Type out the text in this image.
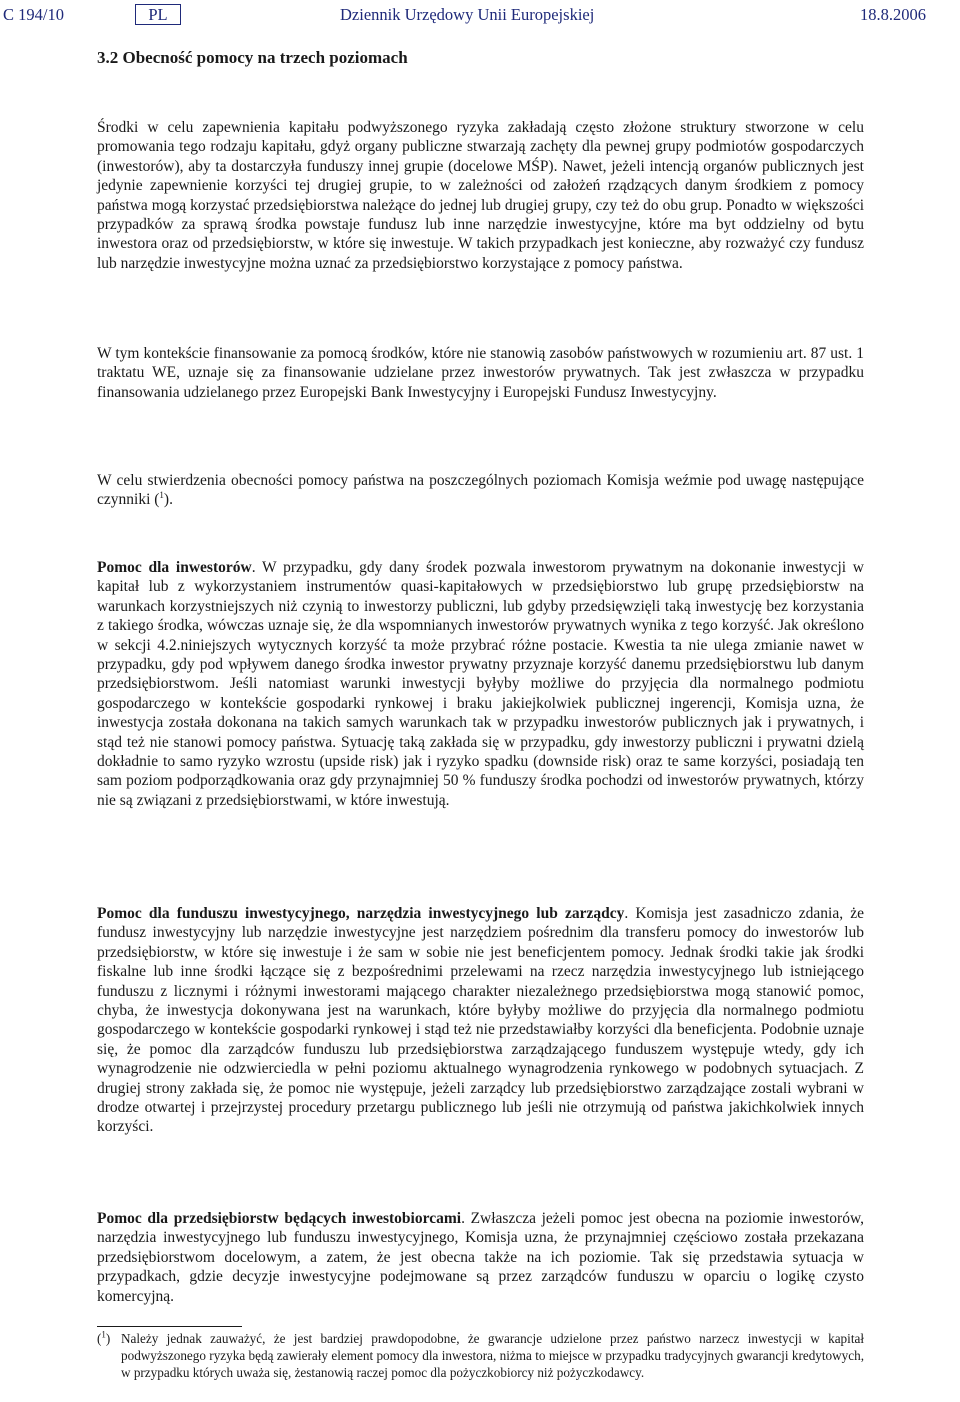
C 194/10	PL	Dziennik Urzędowy Unii Europejskiej	18.8.2006
3.2 Obecność pomocy na trzech poziomach

Środki w celu zapewnienia kapitału podwyższonego ryzyka zakładają często złożone struktury stworzone w celu promowania tego rodzaju kapitału, gdyż organy publiczne stwarzają zachęty dla pewnej grupy podmiotów gospodarczych (inwestorów), aby ta dostarczyła funduszy innej grupie (docelowe MŚP). Nawet, jeżeli intencją organów publicznych jest jedynie zapewnienie korzyści tej drugiej grupie, to w zależności od założeń rządzących danym środkiem z pomocy państwa mogą korzystać przedsiębiorstwa należące do jednej lub drugiej grupy, czy też do obu grup. Ponadto w większości przypadków za sprawą środka powstaje fundusz lub inne narzędzie inwestycyjne, które ma byt oddzielny od bytu inwestora oraz od przedsiębiorstw, w które się inwestuje. W takich przypadkach jest konieczne, aby rozważyć czy fundusz lub narzędzie inwestycyjne można uznać za przedsiębiorstwo korzystające z pomocy państwa.

W tym kontekście finansowanie za pomocą środków, które nie stanowią zasobów państwowych w rozumieniu art. 87 ust. 1 traktatu WE, uznaje się za finansowanie udzielane przez inwestorów prywatnych. Tak jest zwłaszcza w przypadku finansowania udzielanego przez Europejski Bank Inwestycyjny i Europejski Fundusz Inwestycyjny.

W celu stwierdzenia obecności pomocy państwa na poszczególnych poziomach Komisja weźmie pod uwagę następujące czynniki ($^1$).

Pomoc dla inwestorów. W przypadku, gdy dany środek pozwala inwestorom prywatnym na dokonanie inwestycji w kapitał lub z wykorzystaniem instrumentów quasi-kapitałowych w przedsiębiorstwo lub grupę przedsiębiorstw na warunkach korzystniejszych niż czynią to inwestorzy publiczni, lub gdyby przedsięwzięli taką inwestycję bez korzystania z takiego środka, wówczas uznaje się, że dla wspomnianych inwestorów prywatnych wynika z tego korzyść. Jak określono w sekcji 4.2.niniejszych wytycznych korzyść ta może przybrać różne postacie. Kwestia ta nie ulega zmianie nawet w przypadku, gdy pod wpływem danego środka inwestor prywatny przyznaje korzyść danemu przedsiębiorstwu lub danym przedsiębiorstwom. Jeśli natomiast warunki inwestycji byłyby możliwe do przyjęcia dla normalnego podmiotu gospodarczego w kontekście gospodarki rynkowej i braku jakiejkolwiek publicznej ingerencji, Komisja uzna, że inwestycja została dokonana na takich samych warunkach tak w przypadku inwestorów publicznych jak i prywatnych, i stąd też nie stanowi pomocy państwa. Sytuację taką zakłada się w przypadku, gdy inwestorzy publiczni i prywatni dzielą dokładnie to samo ryzyko wzrostu (upside risk) jak i ryzyko spadku (downside risk) oraz te same korzyści, posiadają ten sam poziom podporządkowania oraz gdy przynajmniej 50 % funduszy środka pochodzi od inwestorów prywatnych, którzy nie są związani z przedsiębiorstwami, w które inwestują.

Pomoc dla funduszu inwestycyjnego, narzędzia inwestycyjnego lub zarządcy. Komisja jest zasadniczo zdania, że fundusz inwestycyjny lub narzędzie inwestycyjne jest narzędziem pośrednim dla transferu pomocy do inwestorów lub przedsiębiorstw, w które się inwestuje i że sam w sobie nie jest beneficjentem pomocy. Jednak środki takie jak środki fiskalne lub inne środki łączące się z bezpośrednimi przelewami na rzecz narzędzia inwestycyjnego lub istniejącego funduszu z licznymi i różnymi inwestorami mającego charakter niezależnego przedsiębiorstwa mogą stanowić pomoc, chyba, że inwestycja dokonywana jest na warunkach, które byłyby możliwe do przyjęcia dla normalnego podmiotu gospodarczego w kontekście gospodarki rynkowej i stąd też nie przedstawiałby korzyści dla beneficjenta. Podobnie uznaje się, że pomoc dla zarządców funduszu lub przedsiębiorstwa zarządzającego funduszem występuje wtedy, gdy ich wynagrodzenie nie odzwierciedla w pełni poziomu aktualnego wynagrodzenia rynkowego w podobnych sytuacjach. Z drugiej strony zakłada się, że pomoc nie występuje, jeżeli zarządcy lub przedsiębiorstwo zarządzające zostali wybrani w drodze otwartej i przejrzystej procedury przetargu publicznego lub jeśli nie otrzymują od państwa jakichkolwiek innych korzyści.

Pomoc dla przedsiębiorstw będących inwestobiorcami. Zwłaszcza jeżeli pomoc jest obecna na poziomie inwestorów, narzędzia inwestycyjnego lub funduszu inwestycyjnego, Komisja uzna, że przynajmniej częściowo została przekazana przedsiębiorstwom docelowym, a zatem, że jest obecna także na ich poziomie. Tak się przedstawia sytuacja w przypadkach, gdzie decyzje inwestycyjne podejmowane są przez zarządców funduszu w oparciu o logikę czysto komercyjną.

($^1$) Należy jednak zauważyć, że jest bardziej prawdopodobne, że gwarancje udzielone przez państwo narzecz inwestycji w kapitał podwyższonego ryzyka będą zawierały element pomocy dla inwestora, niżma to miejsce w przypadku tradycyjnych gwarancji kredytowych, w przypadku których uważa się, żestanowią raczej pomoc dla pożyczkobiorcy niż pożyczkodawcy.
